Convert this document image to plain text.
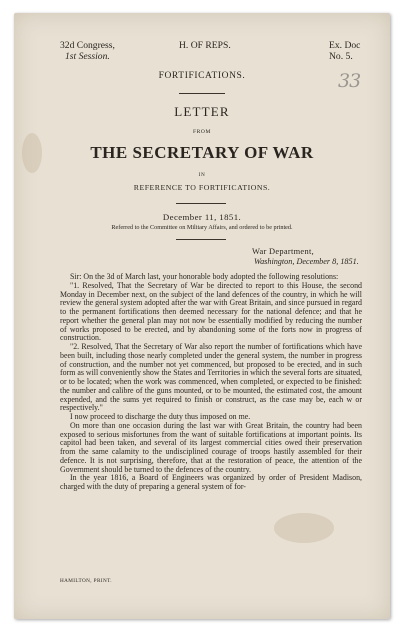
32d Congress,
1st Session.
H. OF REPS.	Ex. Doc
No. 5.
33
FORTIFICATIONS.
LETTER
FROM
THE SECRETARY OF WAR
IN
REFERENCE TO FORTIFICATIONS.
December 11, 1851.
Referred to the Committee on Military Affairs, and ordered to be printed.
War Department,
Washington, December 8, 1851.

Sir: On the 3d of March last, your honorable body adopted the following resolutions:

"1. Resolved, That the Secretary of War be directed to report to this House, the second Monday in December next, on the subject of the land defences of the country, in which he will review the general system adopted after the war with Great Britain, and since pursued in regard to the permanent fortifications then deemed necessary for the national defence; and that he report whether the general plan may not now be essentially modified by reducing the number of works proposed to be erected, and by abandoning some of the forts now in progress of construction.

"2. Resolved, That the Secretary of War also report the number of fortifications which have been built, including those nearly completed under the general system, the number in progress of construction, and the number not yet commenced, but proposed to be erected, and in such form as will conveniently show the States and Territories in which the several forts are situated, or to be located; when the work was commenced, when completed, or expected to be finished: the number and calibre of the guns mounted, or to be mounted, the estimated cost, the amount expended, and the sums yet required to finish or construct, as the case may be, each w or respectively."

I now proceed to discharge the duty thus imposed on me.

On more than one occasion during the last war with Great Britain, the country had been exposed to serious misfortunes from the want of suitable fortifications at important points. Its capitol had been taken, and several of its largest commercial cities owed their preservation from the same calamity to the undisciplined courage of troops hastily assembled for their defence. It is not surprising, therefore, that at the restoration of peace, the attention of the Government should be turned to the defences of the country.

In the year 1816, a Board of Engineers was organized by order of President Madison, charged with the duty of preparing a general system of for-

HAMILTON, PRINT.
